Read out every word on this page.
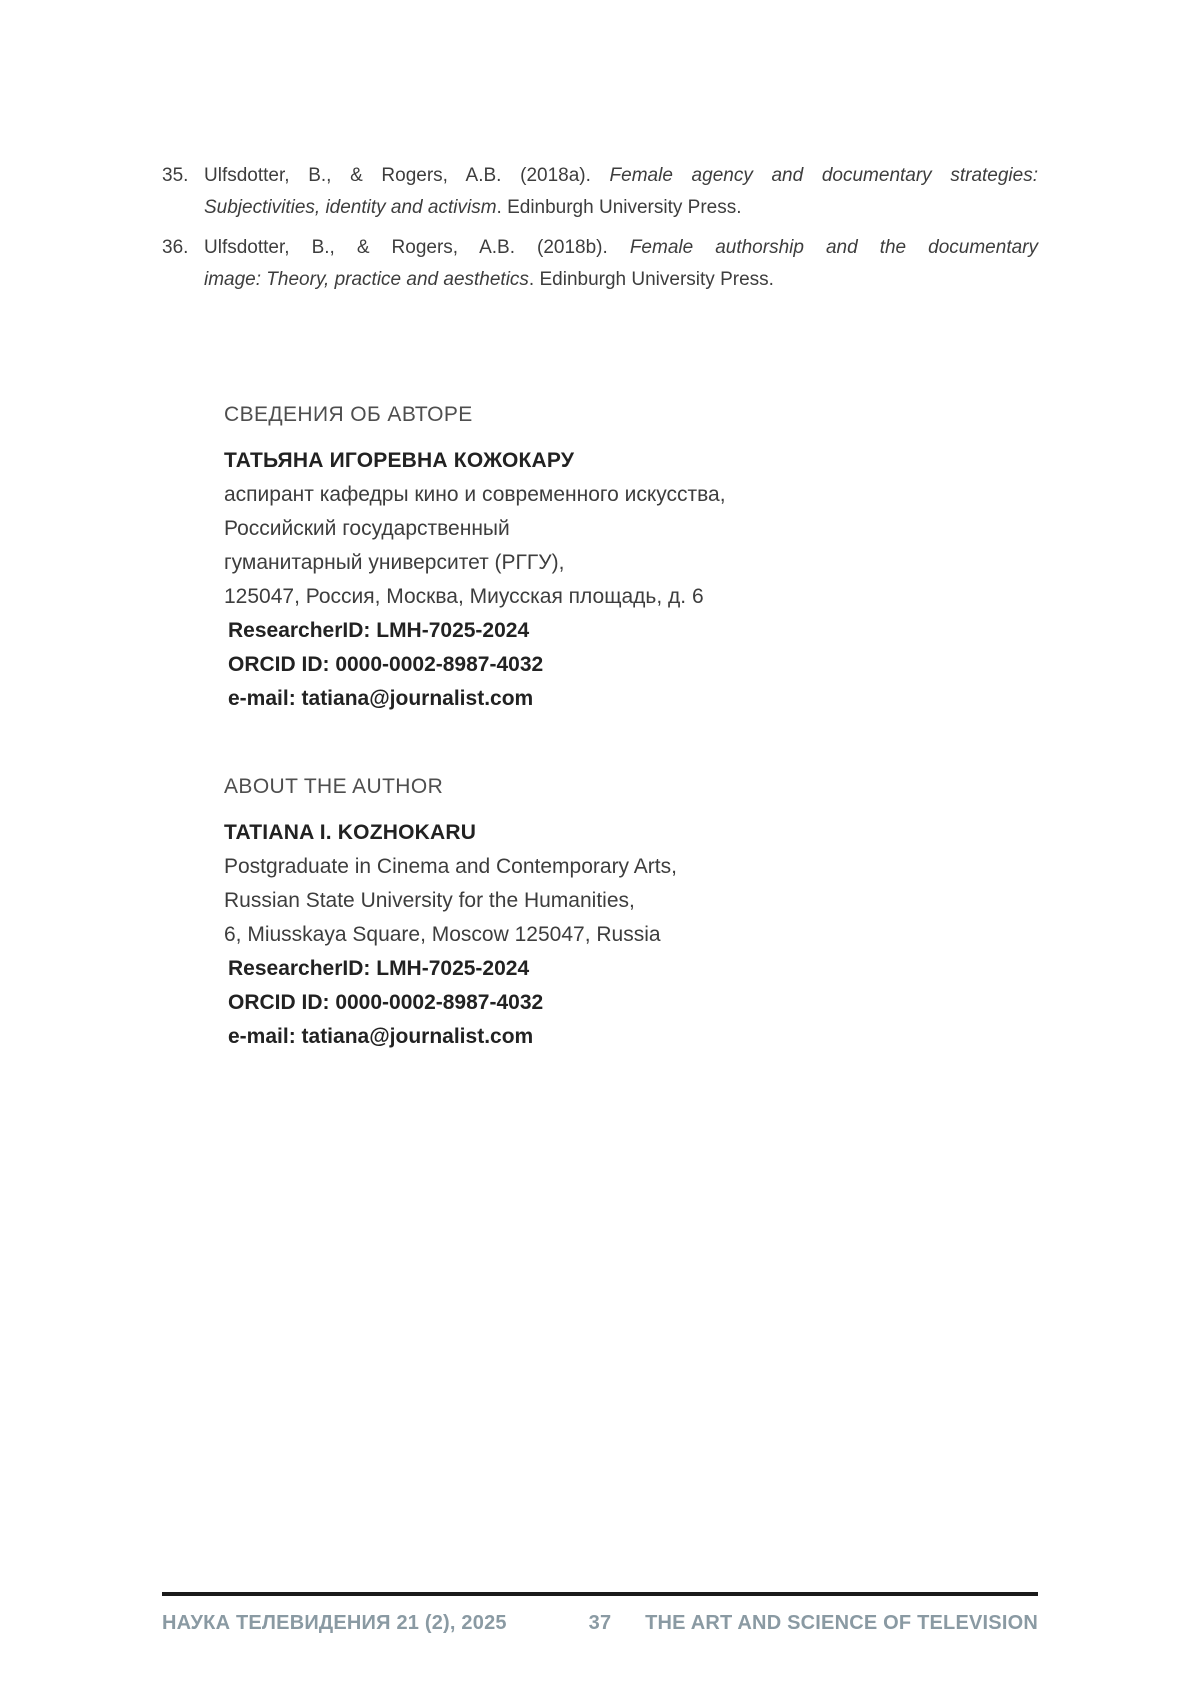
35. Ulfsdotter, B., & Rogers, A.B. (2018a). Female agency and documentary strategies:
Subjectivities, identity and activism. Edinburgh University Press.
36. Ulfsdotter, B., & Rogers, A.B. (2018b). Female authorship and the documentary
image: Theory, practice and aesthetics. Edinburgh University Press.
СВЕДЕНИЯ ОБ АВТОРЕ
ТАТЬЯНА ИГОРЕВНА КОЖОКАРУ
аспирант кафедры кино и современного искусства,
Российский государственный
гуманитарный университет (РГГУ),
125047, Россия, Москва, Миусская площадь, д. 6
ResearcherID: LMH-7025-2024
ORCID ID: 0000-0002-8987-4032
e-mail: tatiana@journalist.com
ABOUT THE AUTHOR
TATIANA I. KOZHOKARU
Postgraduate in Cinema and Contemporary Arts,
Russian State University for the Humanities,
6, Miusskaya Square, Moscow 125047, Russia
ResearcherID: LMH-7025-2024
ORCID ID: 0000-0002-8987-4032
e-mail: tatiana@journalist.com
НАУКА ТЕЛЕВИДЕНИЯ 21 (2), 2025	37	THE ART AND SCIENCE OF TELEVISION
